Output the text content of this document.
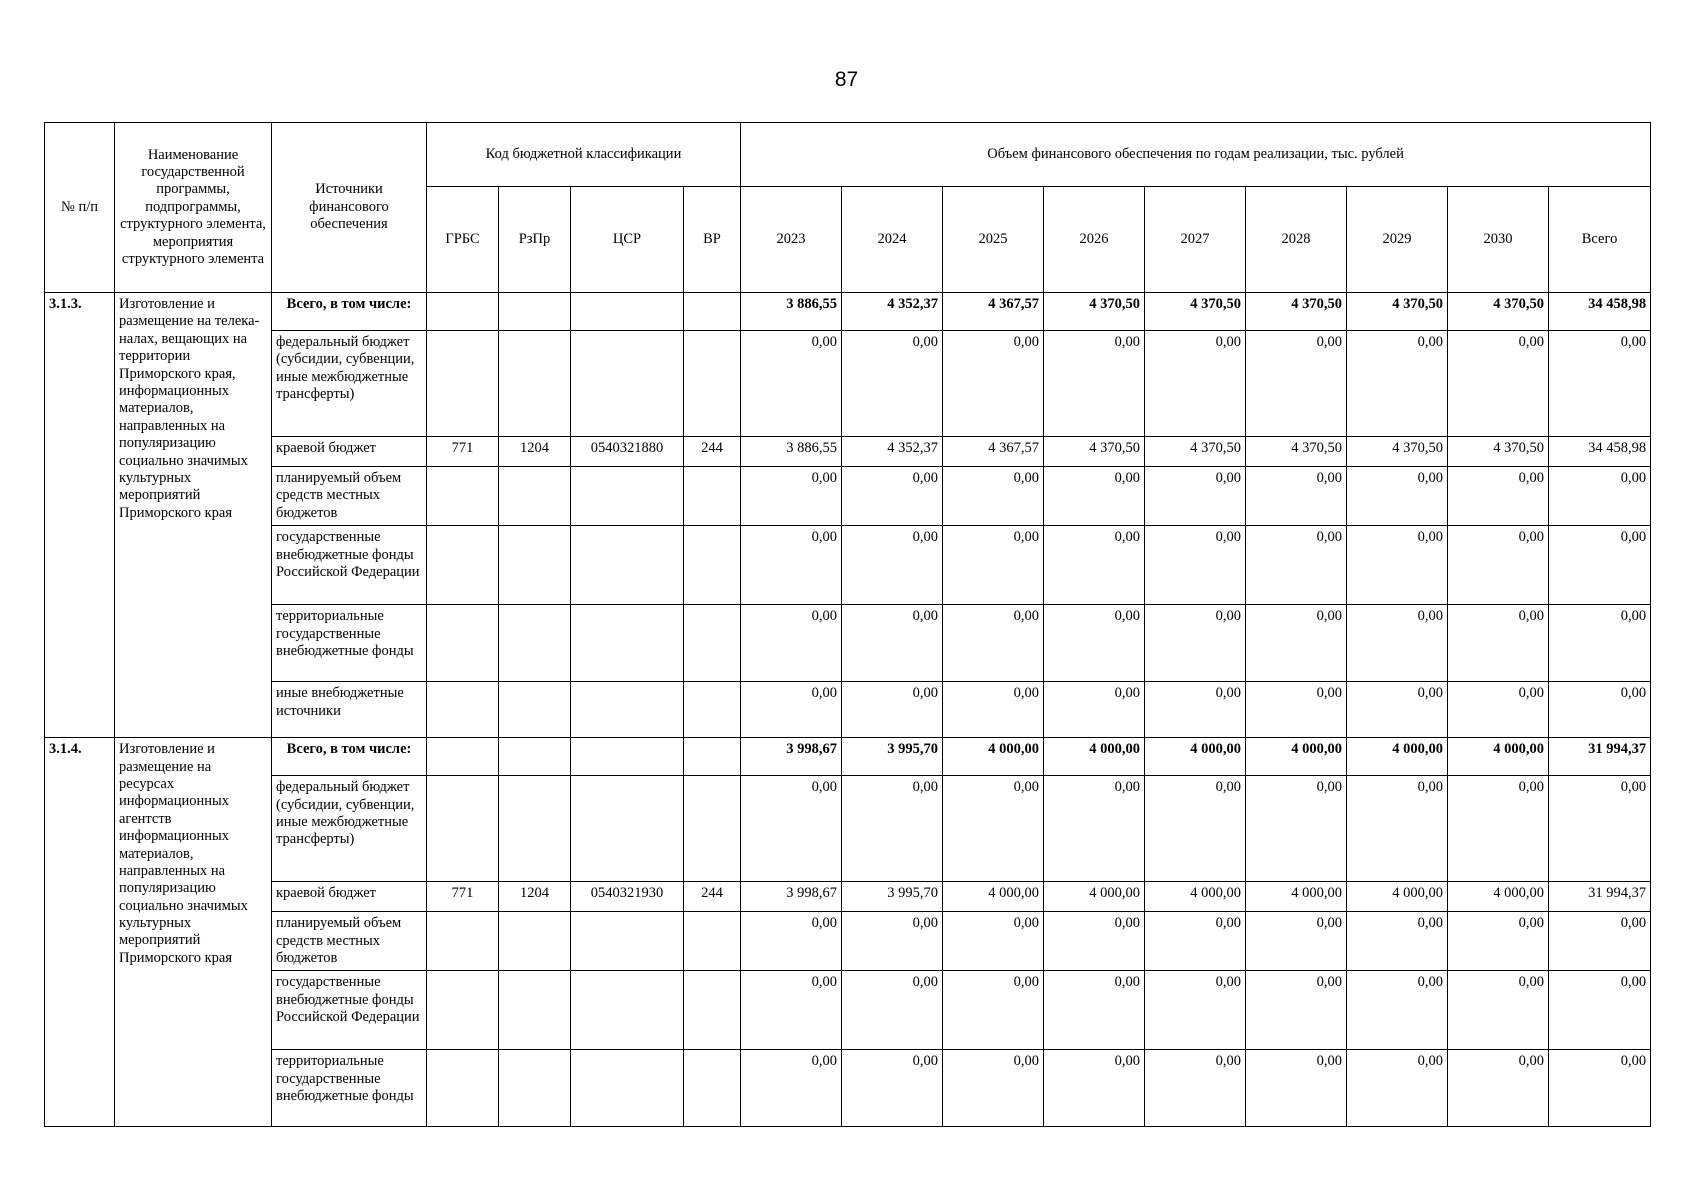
87
№ п/п	Наименование государственной программы, подпрограммы, структурного элемента, мероприятия структурного элемента	Источники финансового обеспечения	Код бюджетной классификации				Объем финансового обеспечения по годам реализации, тыс. рублей								
			ГРБС	РзПр	ЦСР	ВР	2023	2024	2025	2026	2027	2028	2029	2030	Всего
3.1.3.	Изготовление и размещение на телека-налах, вещающих на территории Приморского края, информационных материалов, направленных на популяризацию социально значимых культурных мероприятий Приморского края	Всего, в том числе:					3 886,55	4 352,37	4 367,57	4 370,50	4 370,50	4 370,50	4 370,50	4 370,50	34 458,98
		федеральный бюджет (субсидии, субвенции, иные межбюджетные трансферты)					0,00	0,00	0,00	0,00	0,00	0,00	0,00	0,00	0,00
		краевой бюджет	771	1204	0540321880	244	3 886,55	4 352,37	4 367,57	4 370,50	4 370,50	4 370,50	4 370,50	4 370,50	34 458,98
		планируемый объем средств местных бюджетов					0,00	0,00	0,00	0,00	0,00	0,00	0,00	0,00	0,00
		государственные внебюджетные фонды Российской Федерации					0,00	0,00	0,00	0,00	0,00	0,00	0,00	0,00	0,00
		территориальные государственные внебюджетные фонды					0,00	0,00	0,00	0,00	0,00	0,00	0,00	0,00	0,00
		иные внебюджетные источники					0,00	0,00	0,00	0,00	0,00	0,00	0,00	0,00	0,00
3.1.4.	Изготовление и размещение на ресурсах информационных агентств информационных материалов, направленных на популяризацию социально значимых культурных мероприятий Приморского края	Всего, в том числе:					3 998,67	3 995,70	4 000,00	4 000,00	4 000,00	4 000,00	4 000,00	4 000,00	31 994,37
		федеральный бюджет (субсидии, субвенции, иные межбюджетные трансферты)					0,00	0,00	0,00	0,00	0,00	0,00	0,00	0,00	0,00
		краевой бюджет	771	1204	0540321930	244	3 998,67	3 995,70	4 000,00	4 000,00	4 000,00	4 000,00	4 000,00	4 000,00	31 994,37
		планируемый объем средств местных бюджетов					0,00	0,00	0,00	0,00	0,00	0,00	0,00	0,00	0,00
		государственные внебюджетные фонды Российской Федерации					0,00	0,00	0,00	0,00	0,00	0,00	0,00	0,00	0,00
		территориальные государственные внебюджетные фонды					0,00	0,00	0,00	0,00	0,00	0,00	0,00	0,00	0,00
